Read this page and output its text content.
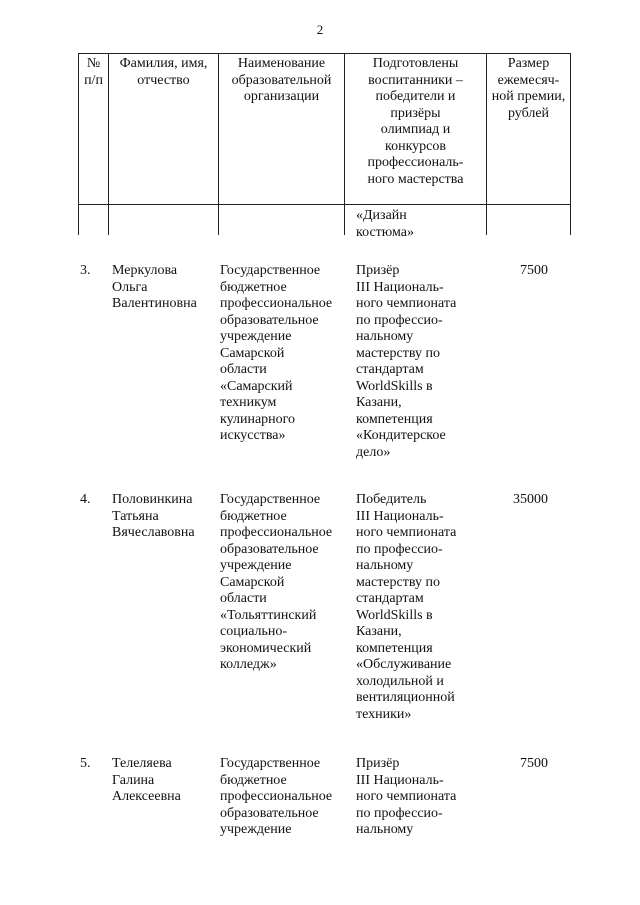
2
№
п/п
Фамилия, имя,
отчество
Наименование
образовательной
организации
Подготовлены
воспитанники –
победители и
призёры
олимпиад и
конкурсов
профессиональ-
ного мастерства
Размер
ежемесяч-
ной премии,
рублей
«Дизайн
костюма»
3. Меркулова
Ольга
Валентиновна
Государственное
бюджетное
профессиональное
образовательное
учреждение
Самарской
области
«Самарский
техникум
кулинарного
искусства»
Призёр
III Националь-
ного чемпионата
по профессио-
нальному
мастерству по
стандартам
WorldSkills в
Казани,
компетенция
«Кондитерское
дело»
7500
4. Половинкина
Татьяна
Вячеславовна
Государственное
бюджетное
профессиональное
образовательное
учреждение
Самарской
области
«Тольяттинский
социально-
экономический
колледж»
Победитель
III Националь-
ного чемпионата
по профессио-
нальному
мастерству по
стандартам
WorldSkills в
Казани,
компетенция
«Обслуживание
холодильной и
вентиляционной
техники»
35000
5. Телеляева
Галина
Алексеевна
Государственное
бюджетное
профессиональное
образовательное
учреждение
Призёр
III Националь-
ного чемпионата
по профессио-
нальному
7500
